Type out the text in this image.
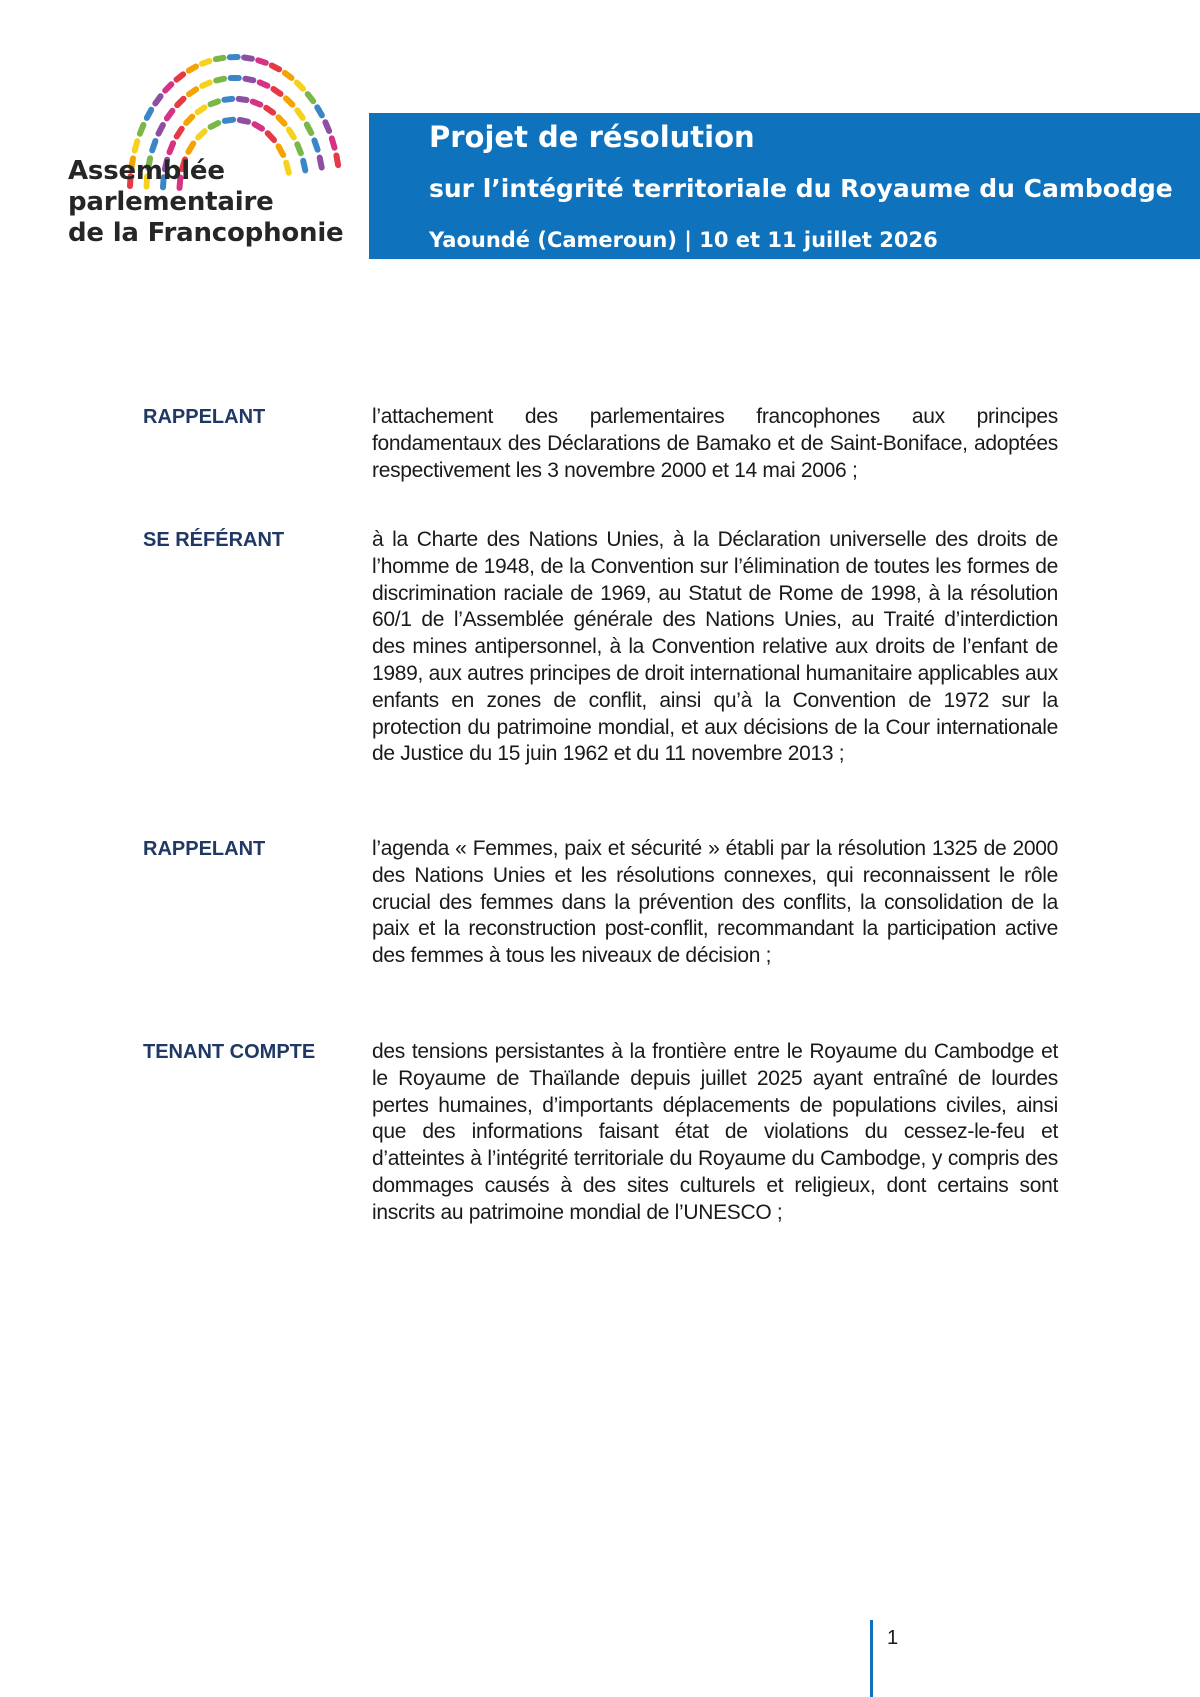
Assemblée
parlementaire
de la Francophonie
Projet de résolution
sur l’intégrité territoriale du Royaume du Cambodge
Yaoundé (Cameroun) | 10 et 11 juillet 2026
RAPPELANT	l’attachement des parlementaires francophones aux principes fondamentaux des Déclarations de Bamako et de Saint-Boniface, adoptées respectivement les 3 novembre 2000 et 14 mai 2006 ;
SE RÉFÉRANT	à la Charte des Nations Unies, à la Déclaration universelle des droits de l’homme de 1948, de la Convention sur l’élimination de toutes les formes de discrimination raciale de 1969, au Statut de Rome de 1998, à la résolution 60/1 de l’Assemblée générale des Nations Unies, au Traité d’interdiction des mines antipersonnel, à la Convention relative aux droits de l’enfant de 1989, aux autres principes de droit international humanitaire applicables aux enfants en zones de conflit, ainsi qu’à la Convention de 1972 sur la protection du patrimoine mondial, et aux décisions de la Cour internationale de Justice du 15 juin 1962 et du 11 novembre 2013 ;
RAPPELANT	l’agenda « Femmes, paix et sécurité » établi par la résolution 1325 de 2000 des Nations Unies et les résolutions connexes, qui reconnaissent le rôle crucial des femmes dans la prévention des conflits, la consolidation de la paix et la reconstruction post-conflit, recommandant la participation active des femmes à tous les niveaux de décision ;
TENANT COMPTE	des tensions persistantes à la frontière entre le Royaume du Cambodge et le Royaume de Thaïlande depuis juillet 2025 ayant entraîné de lourdes pertes humaines, d’importants déplacements de populations civiles, ainsi que des informations faisant état de violations du cessez-le-feu et d’atteintes à l’intégrité territoriale du Royaume du Cambodge, y compris des dommages causés à des sites culturels et religieux, dont certains sont inscrits au patrimoine mondial de l’UNESCO ;
1
